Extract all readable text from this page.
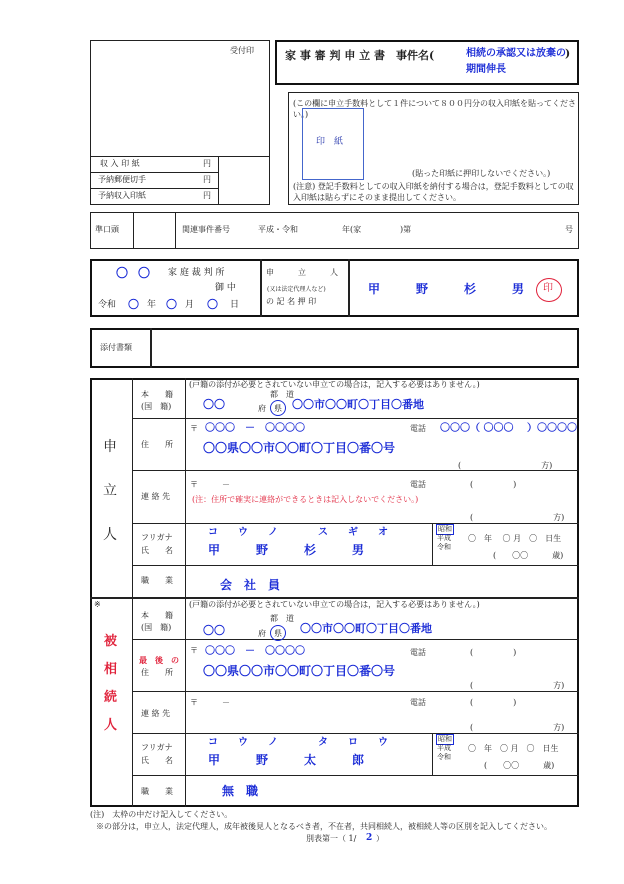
受付印
収 入 印 紙	円
予納郵便切手	円
予納収入印紙	円
家 事 審 判 申 立 書　事件名(	相続の承認又は放棄の )
期間伸長
(この欄に申立手数料として１件について８００円分の収入印紙を貼ってください。)
印　紙
(貼った印紙に押印しないでください。)
(注意) 登記手数料としての収入印紙を納付する場合は，登記手数料としての収入印紙は貼らずにそのまま提出してください。
準口頭	関連事件番号	平成・令和	年(家	)第	号
〇 〇 家 庭 裁 判 所
御 中
令和 〇 年 〇 月 〇 日
申　　　立　　　人
(又は法定代理人など)
の 記 名 押 印
甲　　　野　　　杉　　　男 印
添付書類
申
立
人
本　　籍
(国　籍)
(戸籍の添付が必要とされていない申立ての場合は，記入する必要はありません。)
〇〇
都　道
府　県 〇〇市〇〇町〇丁目〇番地
住　　所
〒 〇〇〇　－　〇〇〇〇	電話 〇〇〇（ 〇〇〇　 ）〇〇〇〇
〇〇県〇〇市〇〇町〇丁目〇番〇号
(　　　　　　　　　　方)
連 絡 先
〒　　　－	電話	(　　　　　)
(注：住所で確実に連絡ができるときは記入しないでください。)
(　　　　　　　　　　方)
フリガナ
氏　　名
コ　　ウ　　ノ　　　　ス　　ギ　　オ
甲　　　野　　　杉　　　男
昭和
平成
令和
〇　年　 〇 月　〇　日生
(　　〇〇　　　歳)
職　　業	会　社　員
※
被
相
続
人
本　　籍
(国　籍)
(戸籍の添付が必要とされていない申立ての場合は，記入する必要はありません。)
〇〇
都　道
府　県 〇〇市〇〇町〇丁目〇番地
最　後　の
住　　所
〒 〇〇〇　－　〇〇〇〇	電話	(　　　　　)
〇〇県〇〇市〇〇町〇丁目〇番〇号
(　　　　　　　　　　方)
連 絡 先
〒　　　－	電話	(　　　　　)
(　　　　　　　　　　方)
フリガナ
氏　　名
コ　　ウ　　ノ　　　　タ　　ロ　　ウ
甲　　　野　　　太　　　郎
昭和
平成
令和
〇　年　〇 月　〇　日生
(　　〇〇　　　歳)
職　　業	無　職
(注)　太枠の中だけ記入してください。
※の部分は，申立人，法定代理人，成年被後見人となるべき者，不在者，共同相続人，被相続人等の区別を記入してください。
別表第一（ 1/ 2 ）
